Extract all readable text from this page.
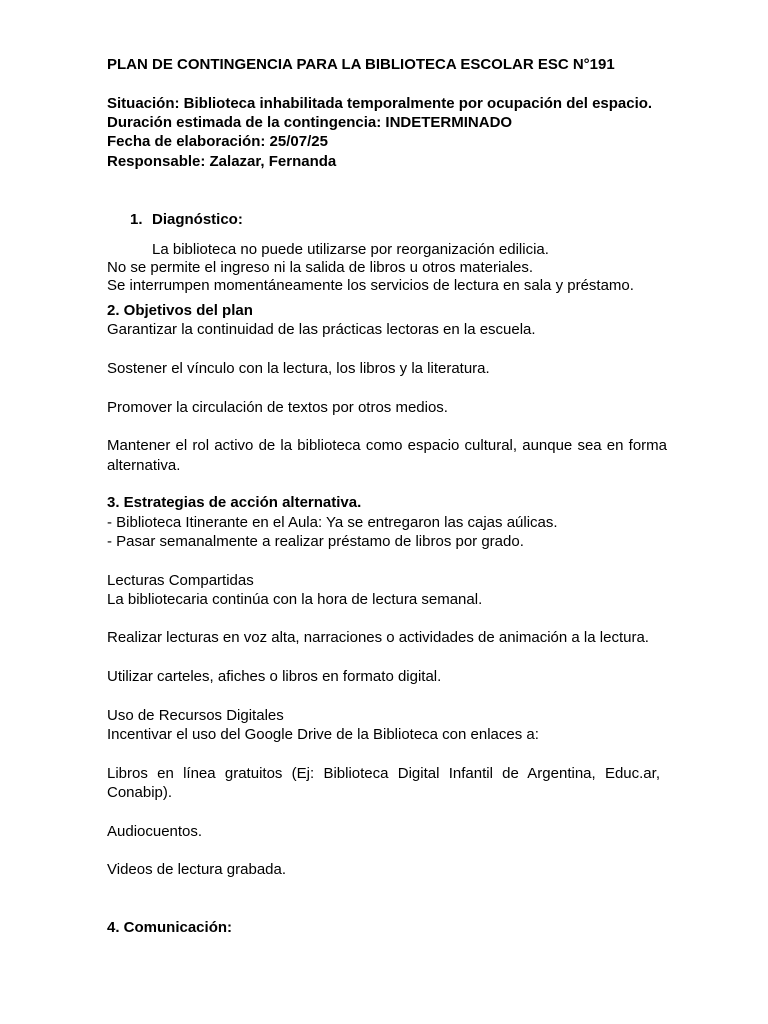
PLAN DE CONTINGENCIA PARA LA BIBLIOTECA ESCOLAR ESC N°191
Situación: Biblioteca inhabilitada temporalmente por ocupación del espacio.
Duración estimada de la contingencia: INDETERMINADO
Fecha de elaboración: 25/07/25
Responsable: Zalazar, Fernanda
1. Diagnóstico:
La biblioteca no puede utilizarse por reorganización edilicia.
No se permite el ingreso ni la salida de libros u otros materiales.
Se interrumpen momentáneamente los servicios de lectura en sala y préstamo.
2. Objetivos del plan
Garantizar la continuidad de las prácticas lectoras en la escuela.
Sostener el vínculo con la lectura, los libros y la literatura.
Promover la circulación de textos por otros medios.
Mantener el rol activo de la biblioteca como espacio cultural, aunque sea en forma alternativa.
3. Estrategias de acción alternativa.
- Biblioteca Itinerante en el Aula: Ya se entregaron las cajas aúlicas.
- Pasar semanalmente a realizar préstamo de libros por grado.
Lecturas Compartidas
La bibliotecaria continúa con la hora de lectura semanal.
Realizar lecturas en voz alta, narraciones o actividades de animación a la lectura.
Utilizar carteles, afiches o libros en formato digital.
Uso de Recursos Digitales
Incentivar el uso del Google Drive de la Biblioteca con enlaces a:
Libros en línea gratuitos (Ej: Biblioteca Digital Infantil de Argentina, Educ.ar, Conabip).
Audiocuentos.
Videos de lectura grabada.
4. Comunicación:
